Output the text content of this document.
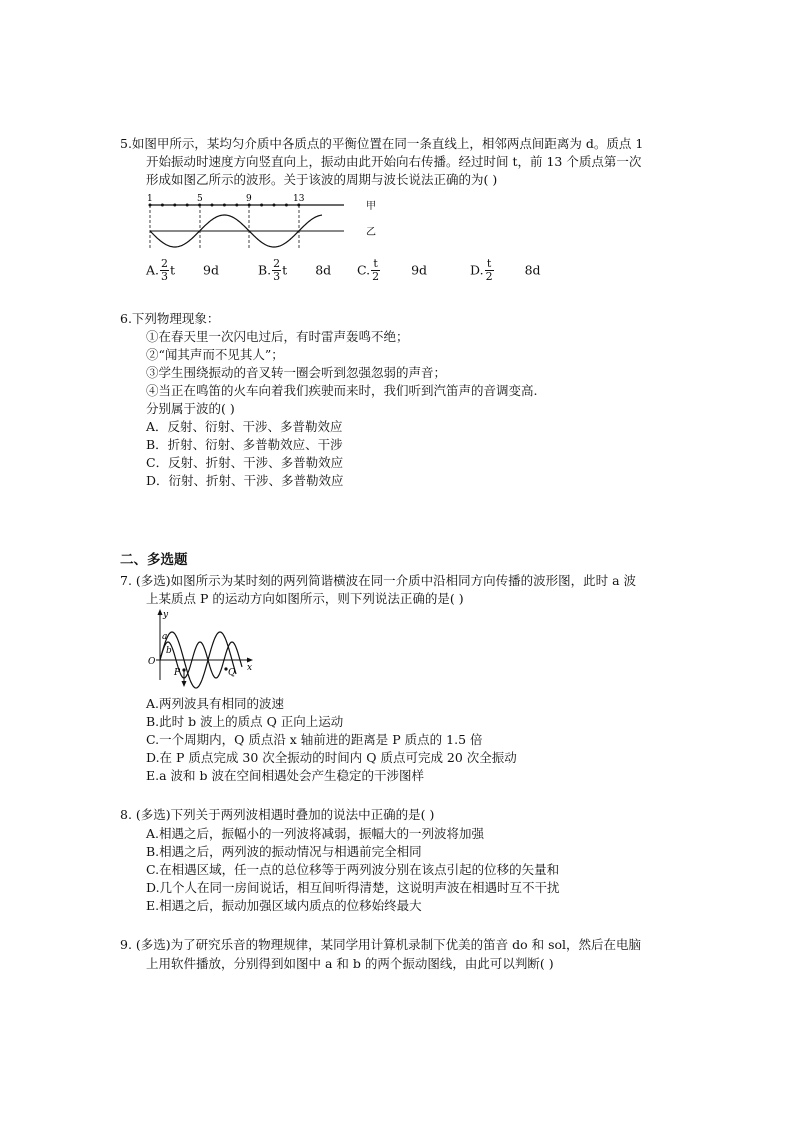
5.如图甲所示，某均匀介质中各质点的平衡位置在同一条直线上，相邻两点间距离为 d。质点 1
开始振动时速度方向竖直向上，振动由此开始向右传播。经过时间 t，前 13 个质点第一次
形成如图乙所示的波形。关于该波的周期与波长说法正确的为( )
1	5	9	13
甲
乙
A. $\frac{2}{3}$ t 9d	B. $\frac{2}{3}$ t 8d C. $\frac{t}{2} 9d$	D. $\frac{t}{2} 8d$
6.下列物理现象：
①在春天里一次闪电过后，有时雷声轰鸣不绝；
②“闻其声而不见其人”；
③学生围绕振动的音叉转一圈会听到忽强忽弱的声音；
④当正在鸣笛的火车向着我们疾驶而来时，我们听到汽笛声的音调变高.
分别属于波的( )
A．反射、衍射、干涉、多普勒效应
B．折射、衍射、多普勒效应、干涉
C．反射、折射、干涉、多普勒效应
D．衍射、折射、干涉、多普勒效应
二、多选题
7. (多选)如图所示为某时刻的两列简谐横波在同一介质中沿相同方向传播的波形图，此时 a 波
上某质点 P 的运动方向如图所示，则下列说法正确的是( )
y
x
O
a
b
P	Q
A.两列波具有相同的波速
B.此时 b 波上的质点 Q 正向上运动
C.一个周期内，Q 质点沿 x 轴前进的距离是 P 质点的 1.5 倍
D.在 P 质点完成 30 次全振动的时间内 Q 质点可完成 20 次全振动
E.a 波和 b 波在空间相遇处会产生稳定的干涉图样
8. (多选)下列关于两列波相遇时叠加的说法中正确的是( )
A.相遇之后，振幅小的一列波将减弱，振幅大的一列波将加强
B.相遇之后，两列波的振动情况与相遇前完全相同
C.在相遇区域，任一点的总位移等于两列波分别在该点引起的位移的矢量和
D.几个人在同一房间说话，相互间听得清楚，这说明声波在相遇时互不干扰
E.相遇之后，振动加强区域内质点的位移始终最大
9. (多选)为了研究乐音的物理规律，某同学用计算机录制下优美的笛音 do 和 sol，然后在电脑
上用软件播放，分别得到如图中 a 和 b 的两个振动图线，由此可以判断( )
